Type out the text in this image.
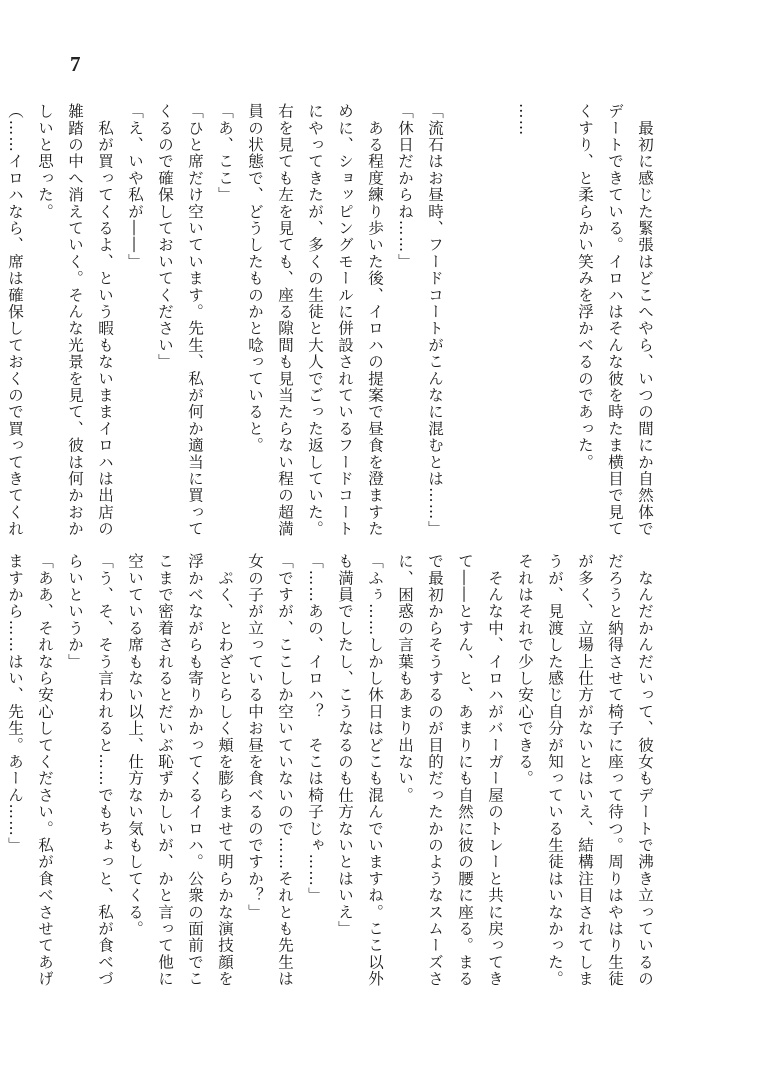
7
　最初に感じた緊張はどこへやら、いつの間にか自然体で
デートできている。イロハはそんな彼を時たま横目で見て
くすり、と柔らかい笑みを浮かべるのであった。

……

「流石はお昼時、フードコートがこんなに混むとは……」
「休日だからね……」
　ある程度練り歩いた後、イロハの提案で昼食を澄ますた
めに、ショッピングモールに併設されているフードコート
にやってきたが、多くの生徒と大人でごった返していた。
右を見ても左を見ても、座る隙間も見当たらない程の超満
員の状態で、どうしたものかと唸っていると。
「あ、ここ」
「ひと席だけ空いています。先生、私が何か適当に買って
くるので確保しておいてください」
「え、いや私が――」
　私が買ってくるよ、という暇もないままイロハは出店の
雑踏の中へ消えていく。そんな光景を見て、彼は何かおか
しいと思った。
（……イロハなら、席は確保しておくので買ってきてくれ
　なんだかんだいって、彼女もデートで沸き立っているの
だろうと納得させて椅子に座って待つ。周りはやはり生徒
が多く、立場上仕方がないとはいえ、結構注目されてしま
うが、見渡した感じ自分が知っている生徒はいなかった。
それはそれで少し安心できる。
　そんな中、イロハがバーガー屋のトレーと共に戻ってき
て――とすん、と、あまりにも自然に彼の腰に座る。まる
で最初からそうするのが目的だったかのようなスムーズさ
に、困惑の言葉もあまり出ない。
「ふぅ……しかし休日はどこも混んでいますね。ここ以外
も満員でしたし、こうなるのも仕方ないとはいえ」
「……あの、イロハ？　そこは椅子じゃ……」
「ですが、ここしか空いていないので……それとも先生は
女の子が立っている中お昼を食べるのですか？」
　ぷく、とわざとらしく頬を膨らませて明らかな演技顔を
浮かべながらも寄りかかってくるイロハ。公衆の面前でこ
こまで密着されるとだいぶ恥ずかしいが、かと言って他に
空いている席もない以上、仕方ない気もしてくる。
「う、そ、そう言われると……でもちょっと、私が食べづ
らいというか」
「ああ、それなら安心してください。私が食べさせてあげ
ますから……はい、先生。あーん……」
